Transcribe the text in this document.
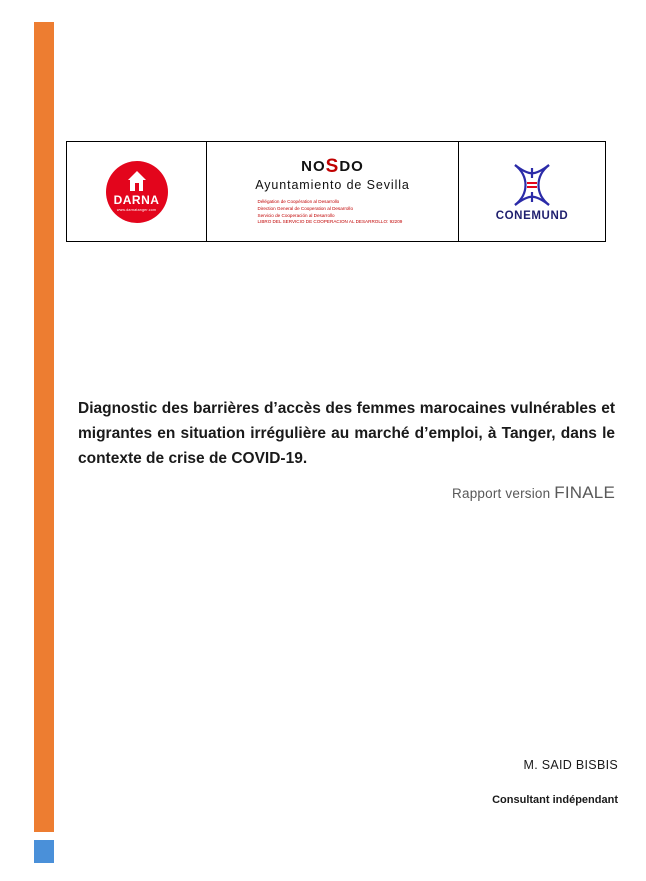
DARNA
www.darnatanger.com
NOSDO
Ayuntamiento de Sevilla
Délégation de Coopération al Desarrollo
Direction General de Cooperation al Desarrollo
Servicio de Cooperación al Desarrollo
LIBRO DEL SERVICIO DE COOPERACION AL DESARROLLO: 92209
CONEMUND
Diagnostic des barrières d’accès des femmes marocaines vulnérables et migrantes en situation irrégulière au marché d’emploi, à Tanger, dans le contexte de crise de COVID-19.
Rapport version FINALE
M. SAID BISBIS
Consultant indépendant
